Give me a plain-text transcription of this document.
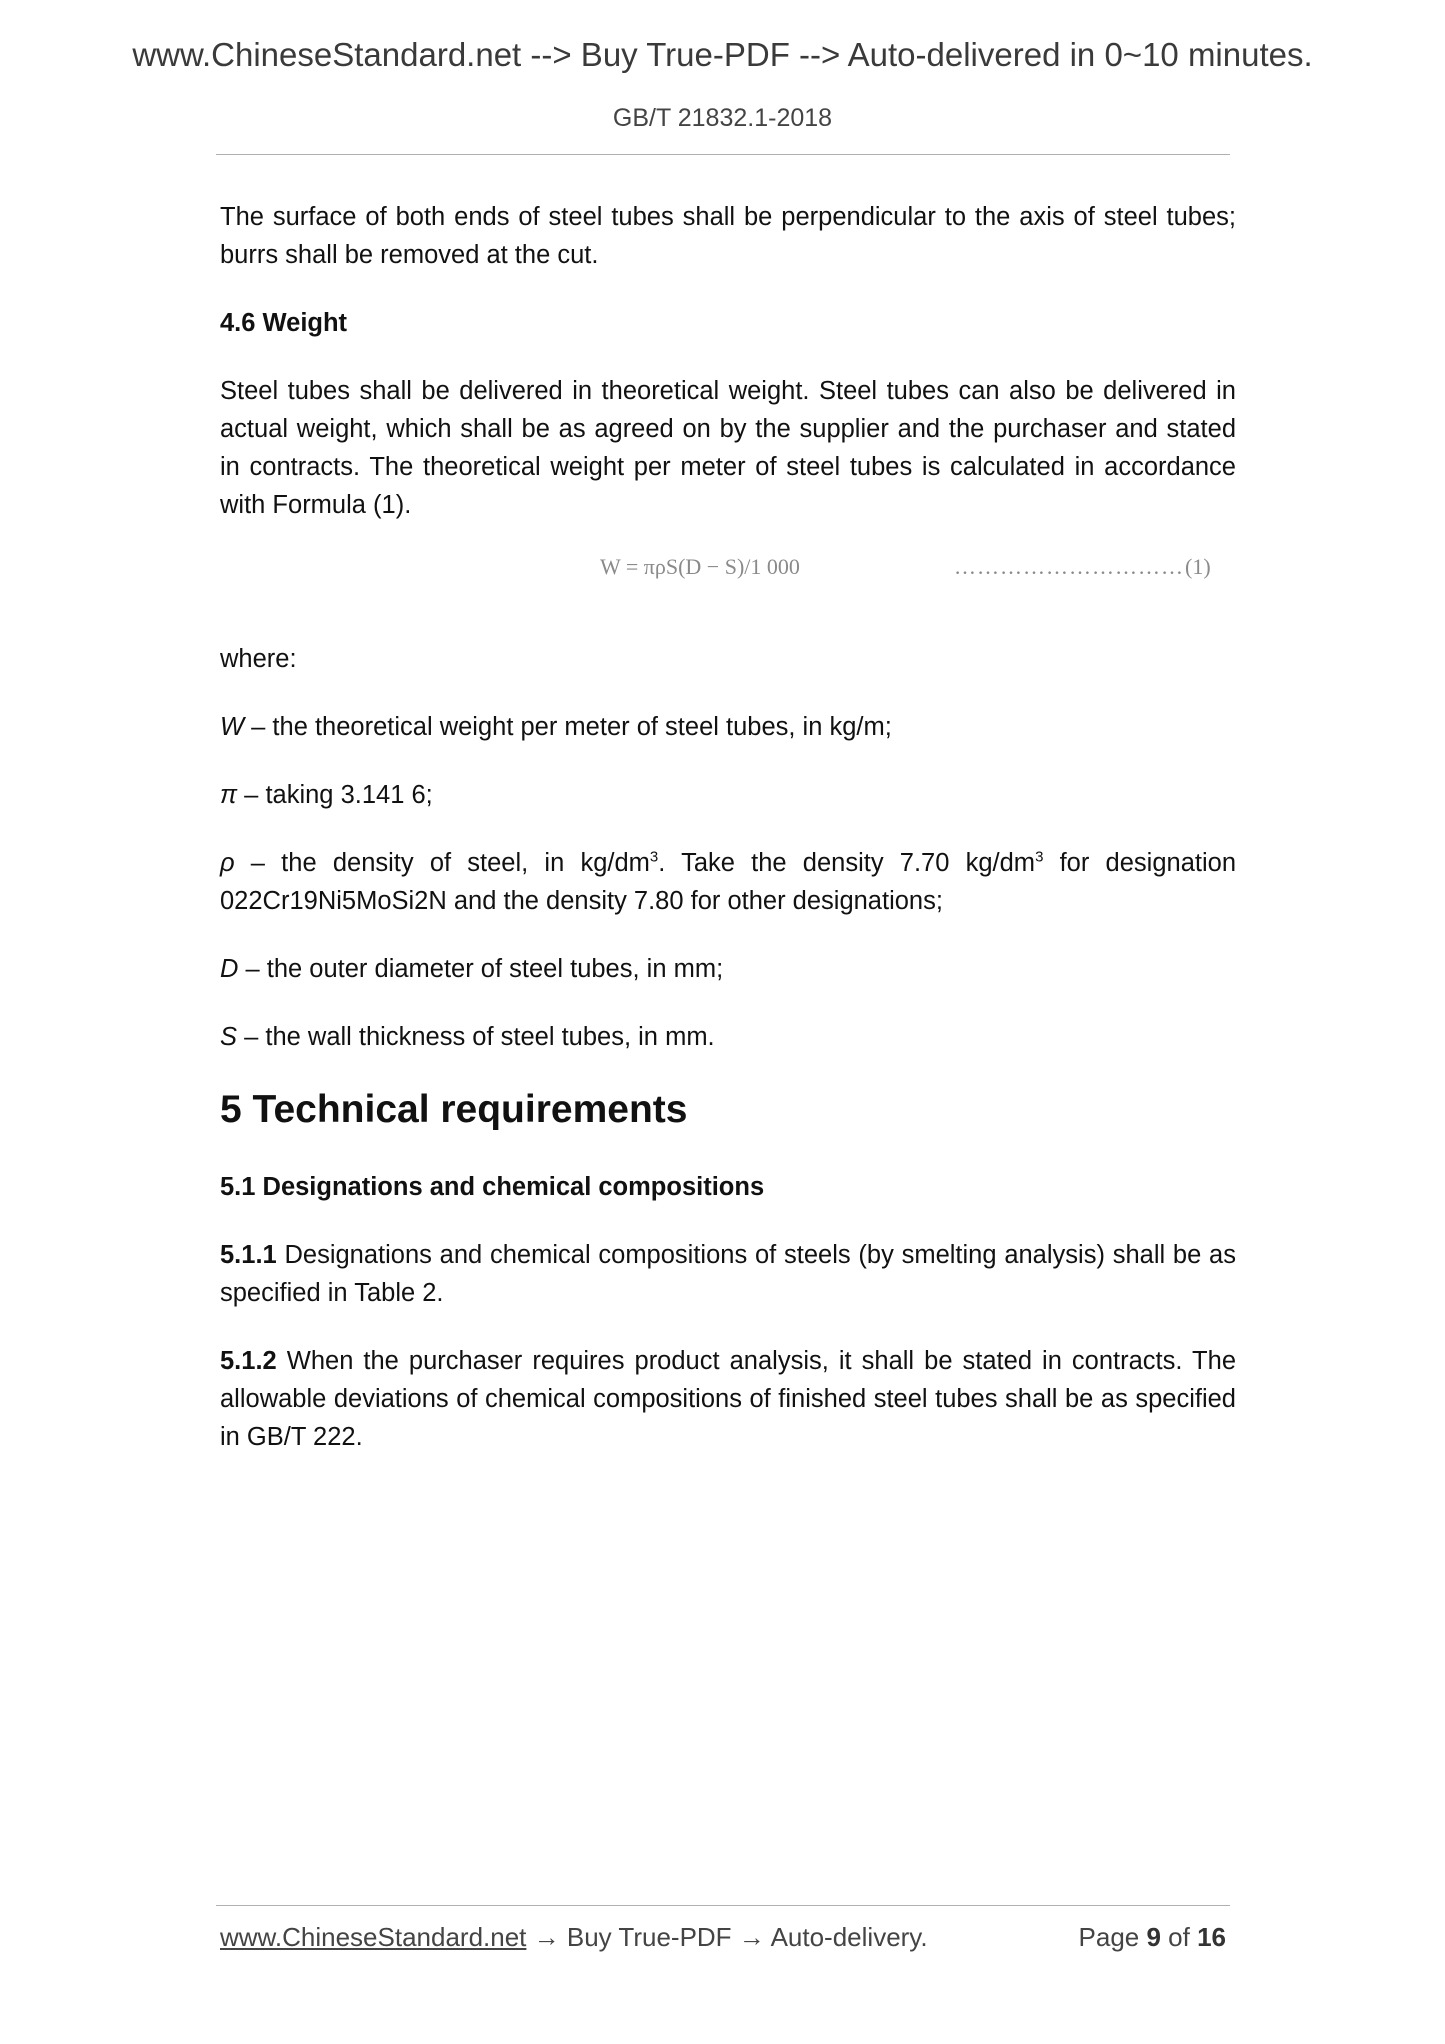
www.ChineseStandard.net --> Buy True-PDF --> Auto-delivered in 0~10 minutes.
GB/T 21832.1-2018

The surface of both ends of steel tubes shall be perpendicular to the axis of steel tubes; burrs shall be removed at the cut.

4.6 Weight

Steel tubes shall be delivered in theoretical weight. Steel tubes can also be delivered in actual weight, which shall be as agreed on by the supplier and the purchaser and stated in contracts. The theoretical weight per meter of steel tubes is calculated in accordance with Formula (1).

W = πρS(D − S)/1 000	………………………… (1)

where:

W – the theoretical weight per meter of steel tubes, in kg/m;

π – taking 3.141 6;

ρ – the density of steel, in $kg/dm^3$. Take the density 7.70 $kg/dm^3$ for designation 022Cr19Ni5MoSi2N and the density 7.80 for other designations;

D – the outer diameter of steel tubes, in mm;

S – the wall thickness of steel tubes, in mm.

5 Technical requirements
5.1 Designations and chemical compositions

5.1.1 Designations and chemical compositions of steels (by smelting analysis) shall be as specified in Table 2.

5.1.2 When the purchaser requires product analysis, it shall be stated in contracts. The allowable deviations of chemical compositions of finished steel tubes shall be as specified in GB/T 222.

www.ChineseStandard.net → Buy True-PDF → Auto-delivery.	Page 9 of 16
